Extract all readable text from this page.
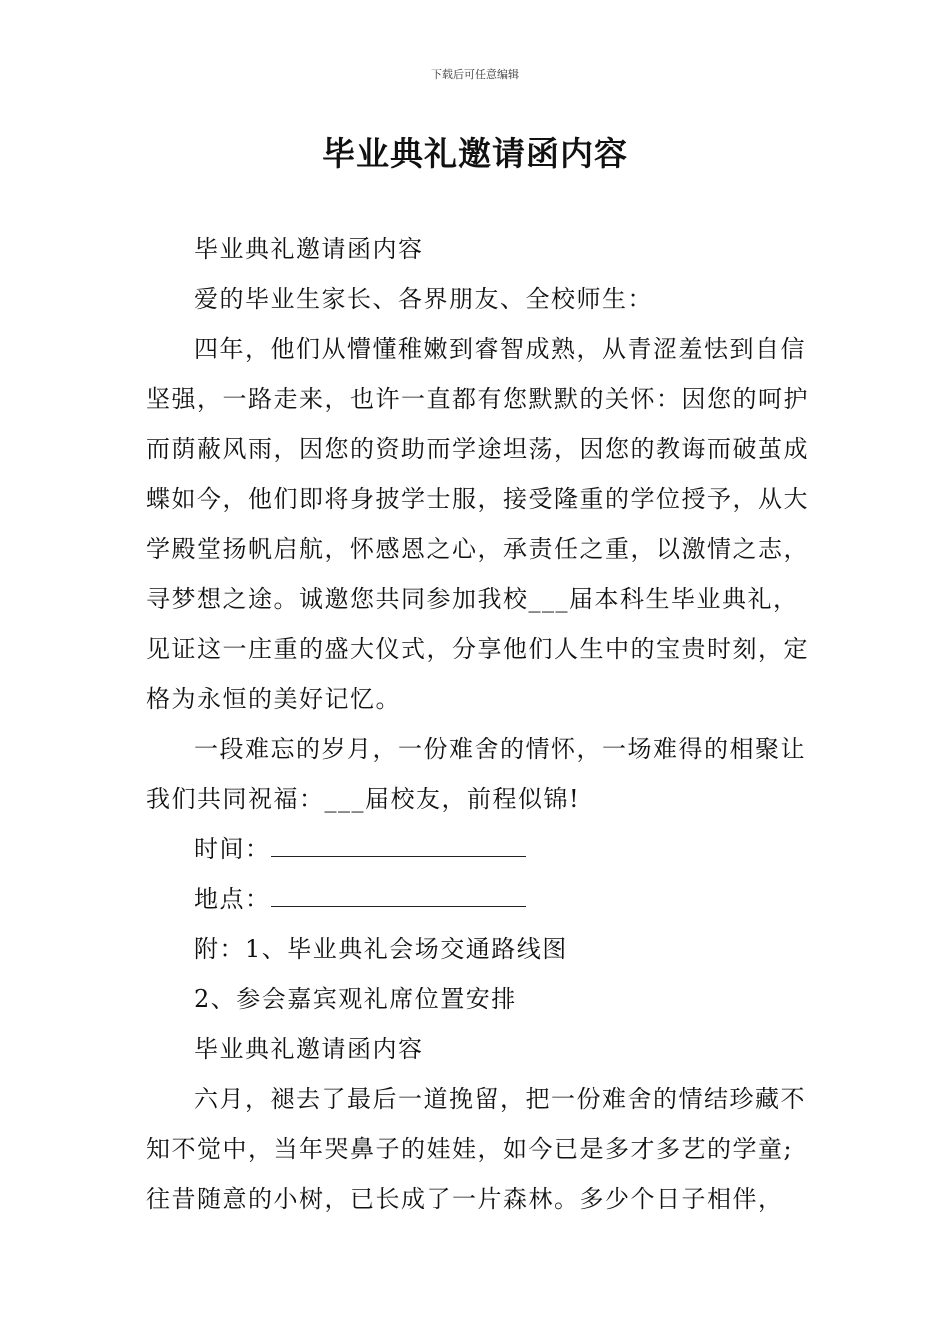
下载后可任意编辑
毕业典礼邀请函内容

毕业典礼邀请函内容

爱的毕业生家长、各界朋友、全校师生：

四年，他们从懵懂稚嫩到睿智成熟，从青涩羞怯到自信坚强，一路走来，也许一直都有您默默的关怀：因您的呵护而荫蔽风雨，因您的资助而学途坦荡，因您的教诲而破茧成蝶如今，他们即将身披学士服，接受隆重的学位授予，从大学殿堂扬帆启航，怀感恩之心，承责任之重，以激情之志，寻梦想之途。诚邀您共同参加我校___届本科生毕业典礼，见证这一庄重的盛大仪式，分享他们人生中的宝贵时刻，定格为永恒的美好记忆。

一段难忘的岁月，一份难舍的情怀，一场难得的相聚让我们共同祝福：___届校友，前程似锦!

时间：

地点：

附：1、毕业典礼会场交通路线图

2、参会嘉宾观礼席位置安排

毕业典礼邀请函内容

六月，褪去了最后一道挽留，把一份难舍的情结珍藏不知不觉中，当年哭鼻子的娃娃，如今已是多才多艺的学童;往昔随意的小树，已长成了一片森林。多少个日子相伴，
